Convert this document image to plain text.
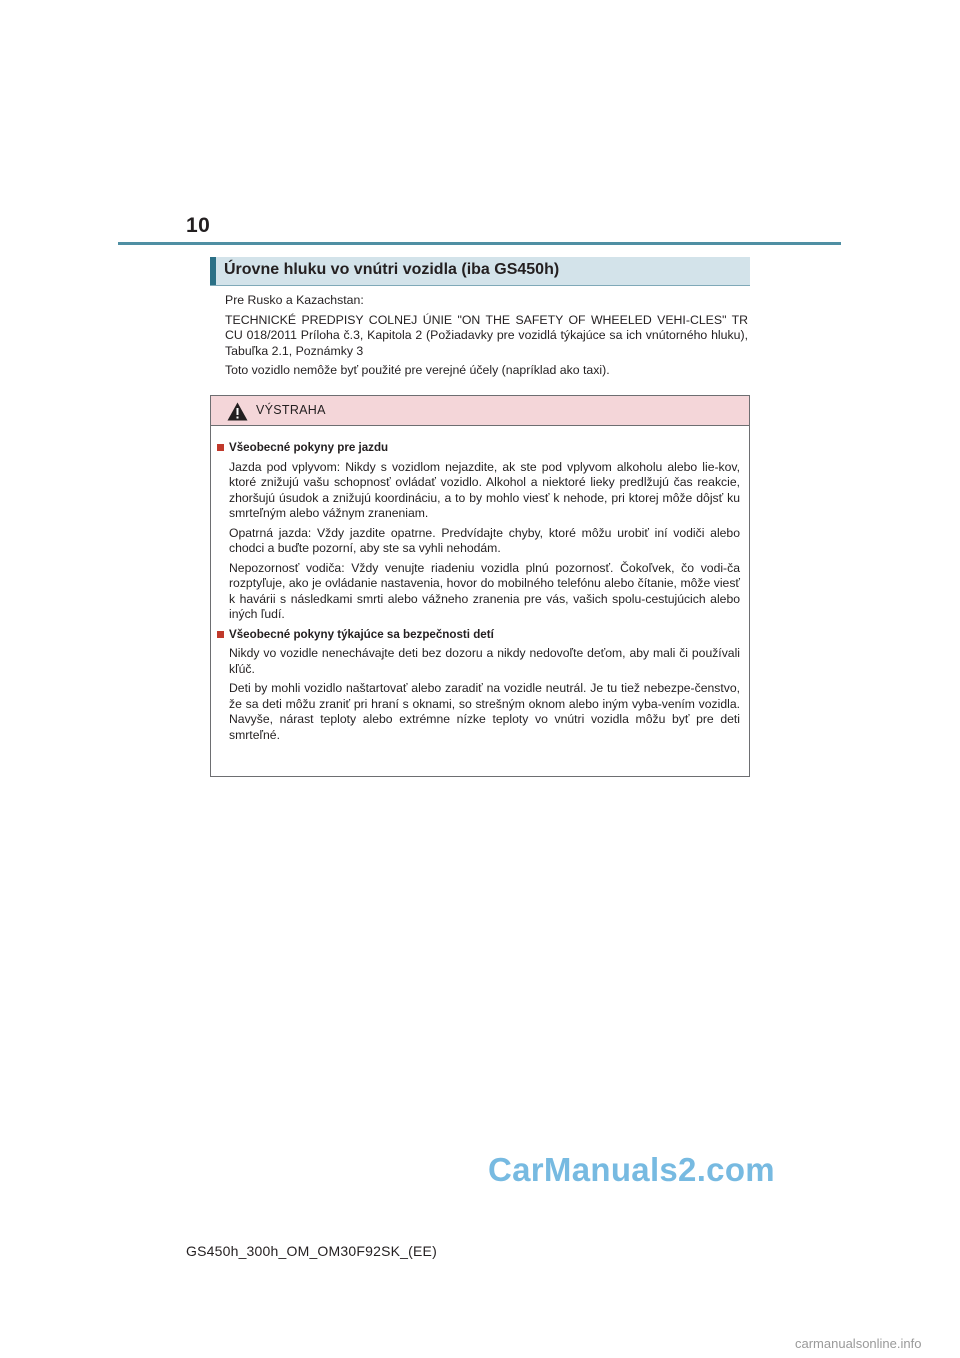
10
Úrovne hluku vo vnútri vozidla (iba GS450h)

Pre Rusko a Kazachstan:

TECHNICKÉ PREDPISY COLNEJ ÚNIE "ON THE SAFETY OF WHEELED VEHI-CLES" TR CU 018/2011 Príloha č.3, Kapitola 2 (Požiadavky pre vozidlá týkajúce sa ich vnútorného hluku), Tabuľka 2.1, Poznámky 3

Toto vozidlo nemôže byť použité pre verejné účely (napríklad ako taxi).

VÝSTRAHA
Všeobecné pokyny pre jazdu

Jazda pod vplyvom: Nikdy s vozidlom nejazdite, ak ste pod vplyvom alkoholu alebo lie-kov, ktoré znižujú vašu schopnosť ovládať vozidlo. Alkohol a niektoré lieky predlžujú čas reakcie, zhoršujú úsudok a znižujú koordináciu, a to by mohlo viesť k nehode, pri ktorej môže dôjsť ku smrteľným alebo vážnym zraneniam.

Opatrná jazda: Vždy jazdite opatrne. Predvídajte chyby, ktoré môžu urobiť iní vodiči alebo chodci a buďte pozorní, aby ste sa vyhli nehodám.

Nepozornosť vodiča: Vždy venujte riadeniu vozidla plnú pozornosť. Čokoľvek, čo vodi-ča rozptyľuje, ako je ovládanie nastavenia, hovor do mobilného telefónu alebo čítanie, môže viesť k havárii s následkami smrti alebo vážneho zranenia pre vás, vašich spolu-cestujúcich alebo iných ľudí.

Všeobecné pokyny týkajúce sa bezpečnosti detí

Nikdy vo vozidle nenechávajte deti bez dozoru a nikdy nedovoľte deťom, aby mali či používali kľúč.

Deti by mohli vozidlo naštartovať alebo zaradiť na vozidle neutrál. Je tu tiež nebezpe-čenstvo, že sa deti môžu zraniť pri hraní s oknami, so strešným oknom alebo iným vyba-vením vozidla. Navyše, nárast teploty alebo extrémne nízke teploty vo vnútri vozidla môžu byť pre deti smrteľné.

CarManuals2.com
GS450h_300h_OM_OM30F92SK_(EE)
carmanualsonline.info
